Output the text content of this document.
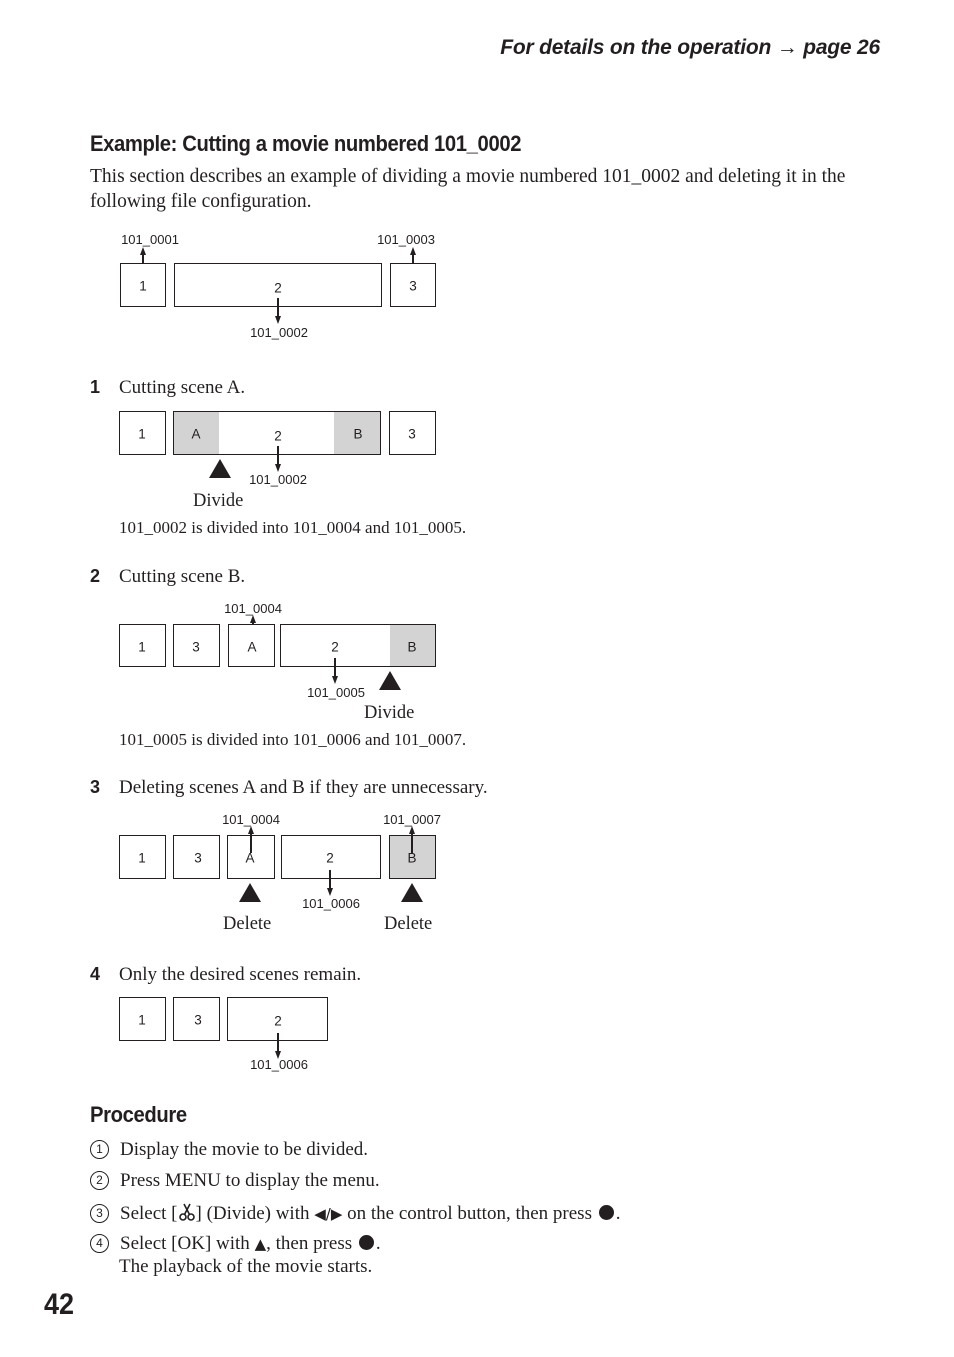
For details on the operation → page 26
Example: Cutting a movie numbered 101_0002
This section describes an example of dividing a movie numbered 101_0002 and deleting it in the following file configuration.
101_0001	101_0003
1	2	3
101_0002
1 Cutting scene A.
1	A	2	B	3
101_0002
Divide
101_0002 is divided into 101_0004 and 101_0005.
2 Cutting scene B.
101_0004
1	3	A	2	B
101_0005
Divide
101_0005 is divided into 101_0006 and 101_0007.
3 Deleting scenes A and B if they are unnecessary.
101_0004	101_0007
1	3	A	2	B
101_0006
Delete	Delete
4 Only the desired scenes remain.
1	3	2
101_0006
Procedure
1 Display the movie to be divided.
2 Press MENU to display the menu.
3 Select [ ] (Divide) with ◀/▶ on the control button, then press .
4 Select [OK] with ▲, then press .
The playback of the movie starts.
42
